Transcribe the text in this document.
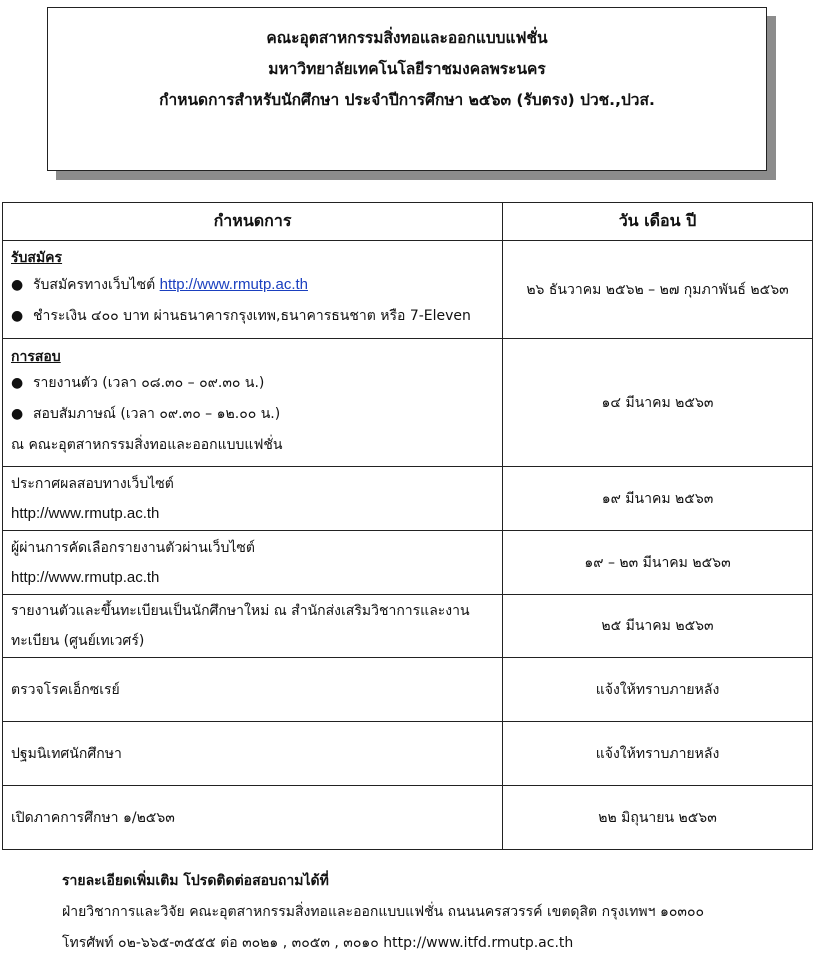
คณะอุตสาหกรรมสิ่งทอและออกแบบแฟชั่น
มหาวิทยาลัยเทคโนโลยีราชมงคลพระนคร
กำหนดการสำหรับนักศึกษา ประจำปีการศึกษา ๒๕๖๓ (รับตรง) ปวช.,ปวส.
กำหนดการ	วัน เดือน ปี

รับสมัคร
● รับสมัครทางเว็บไซต์ http://www.rmutp.ac.th
● ชำระเงิน ๔๐๐ บาท ผ่านธนาคารกรุงเทพ,ธนาคารธนชาต หรือ 7-Eleven	๒๖ ธันวาคม ๒๕๖๒ – ๒๗ กุมภาพันธ์ ๒๕๖๓

การสอบ
● รายงานตัว (เวลา ๐๘.๓๐ – ๐๙.๓๐ น.)
● สอบสัมภาษณ์ (เวลา ๐๙.๓๐ – ๑๒.๐๐ น.)
ณ คณะอุตสาหกรรมสิ่งทอและออกแบบแฟชั่น	๑๔ มีนาคม ๒๕๖๓

ประกาศผลสอบทางเว็บไซต์
http://www.rmutp.ac.th	๑๙ มีนาคม ๒๕๖๓

ผู้ผ่านการคัดเลือกรายงานตัวผ่านเว็บไซต์
http://www.rmutp.ac.th	๑๙ – ๒๓ มีนาคม ๒๕๖๓

รายงานตัวและขึ้นทะเบียนเป็นนักศึกษาใหม่ ณ สำนักส่งเสริมวิชาการและงาน
ทะเบียน (ศูนย์เทเวศร์)	๒๕ มีนาคม ๒๕๖๓

ตรวจโรคเอ็กซเรย์	แจ้งให้ทราบภายหลัง

ปฐมนิเทศนักศึกษา	แจ้งให้ทราบภายหลัง

เปิดภาคการศึกษา ๑/๒๕๖๓	๒๒ มิถุนายน ๒๕๖๓
รายละเอียดเพิ่มเติม โปรดติดต่อสอบถามได้ที่
ฝ่ายวิชาการและวิจัย คณะอุตสาหกรรมสิ่งทอและออกแบบแฟชั่น ถนนนครสวรรค์ เขตดุสิต กรุงเทพฯ ๑๐๓๐๐
โทรศัพท์ ๐๒-๖๖๕-๓๕๕๕ ต่อ ๓๐๒๑ , ๓๐๕๓ , ๓๐๑๐ http://www.itfd.rmutp.ac.th
